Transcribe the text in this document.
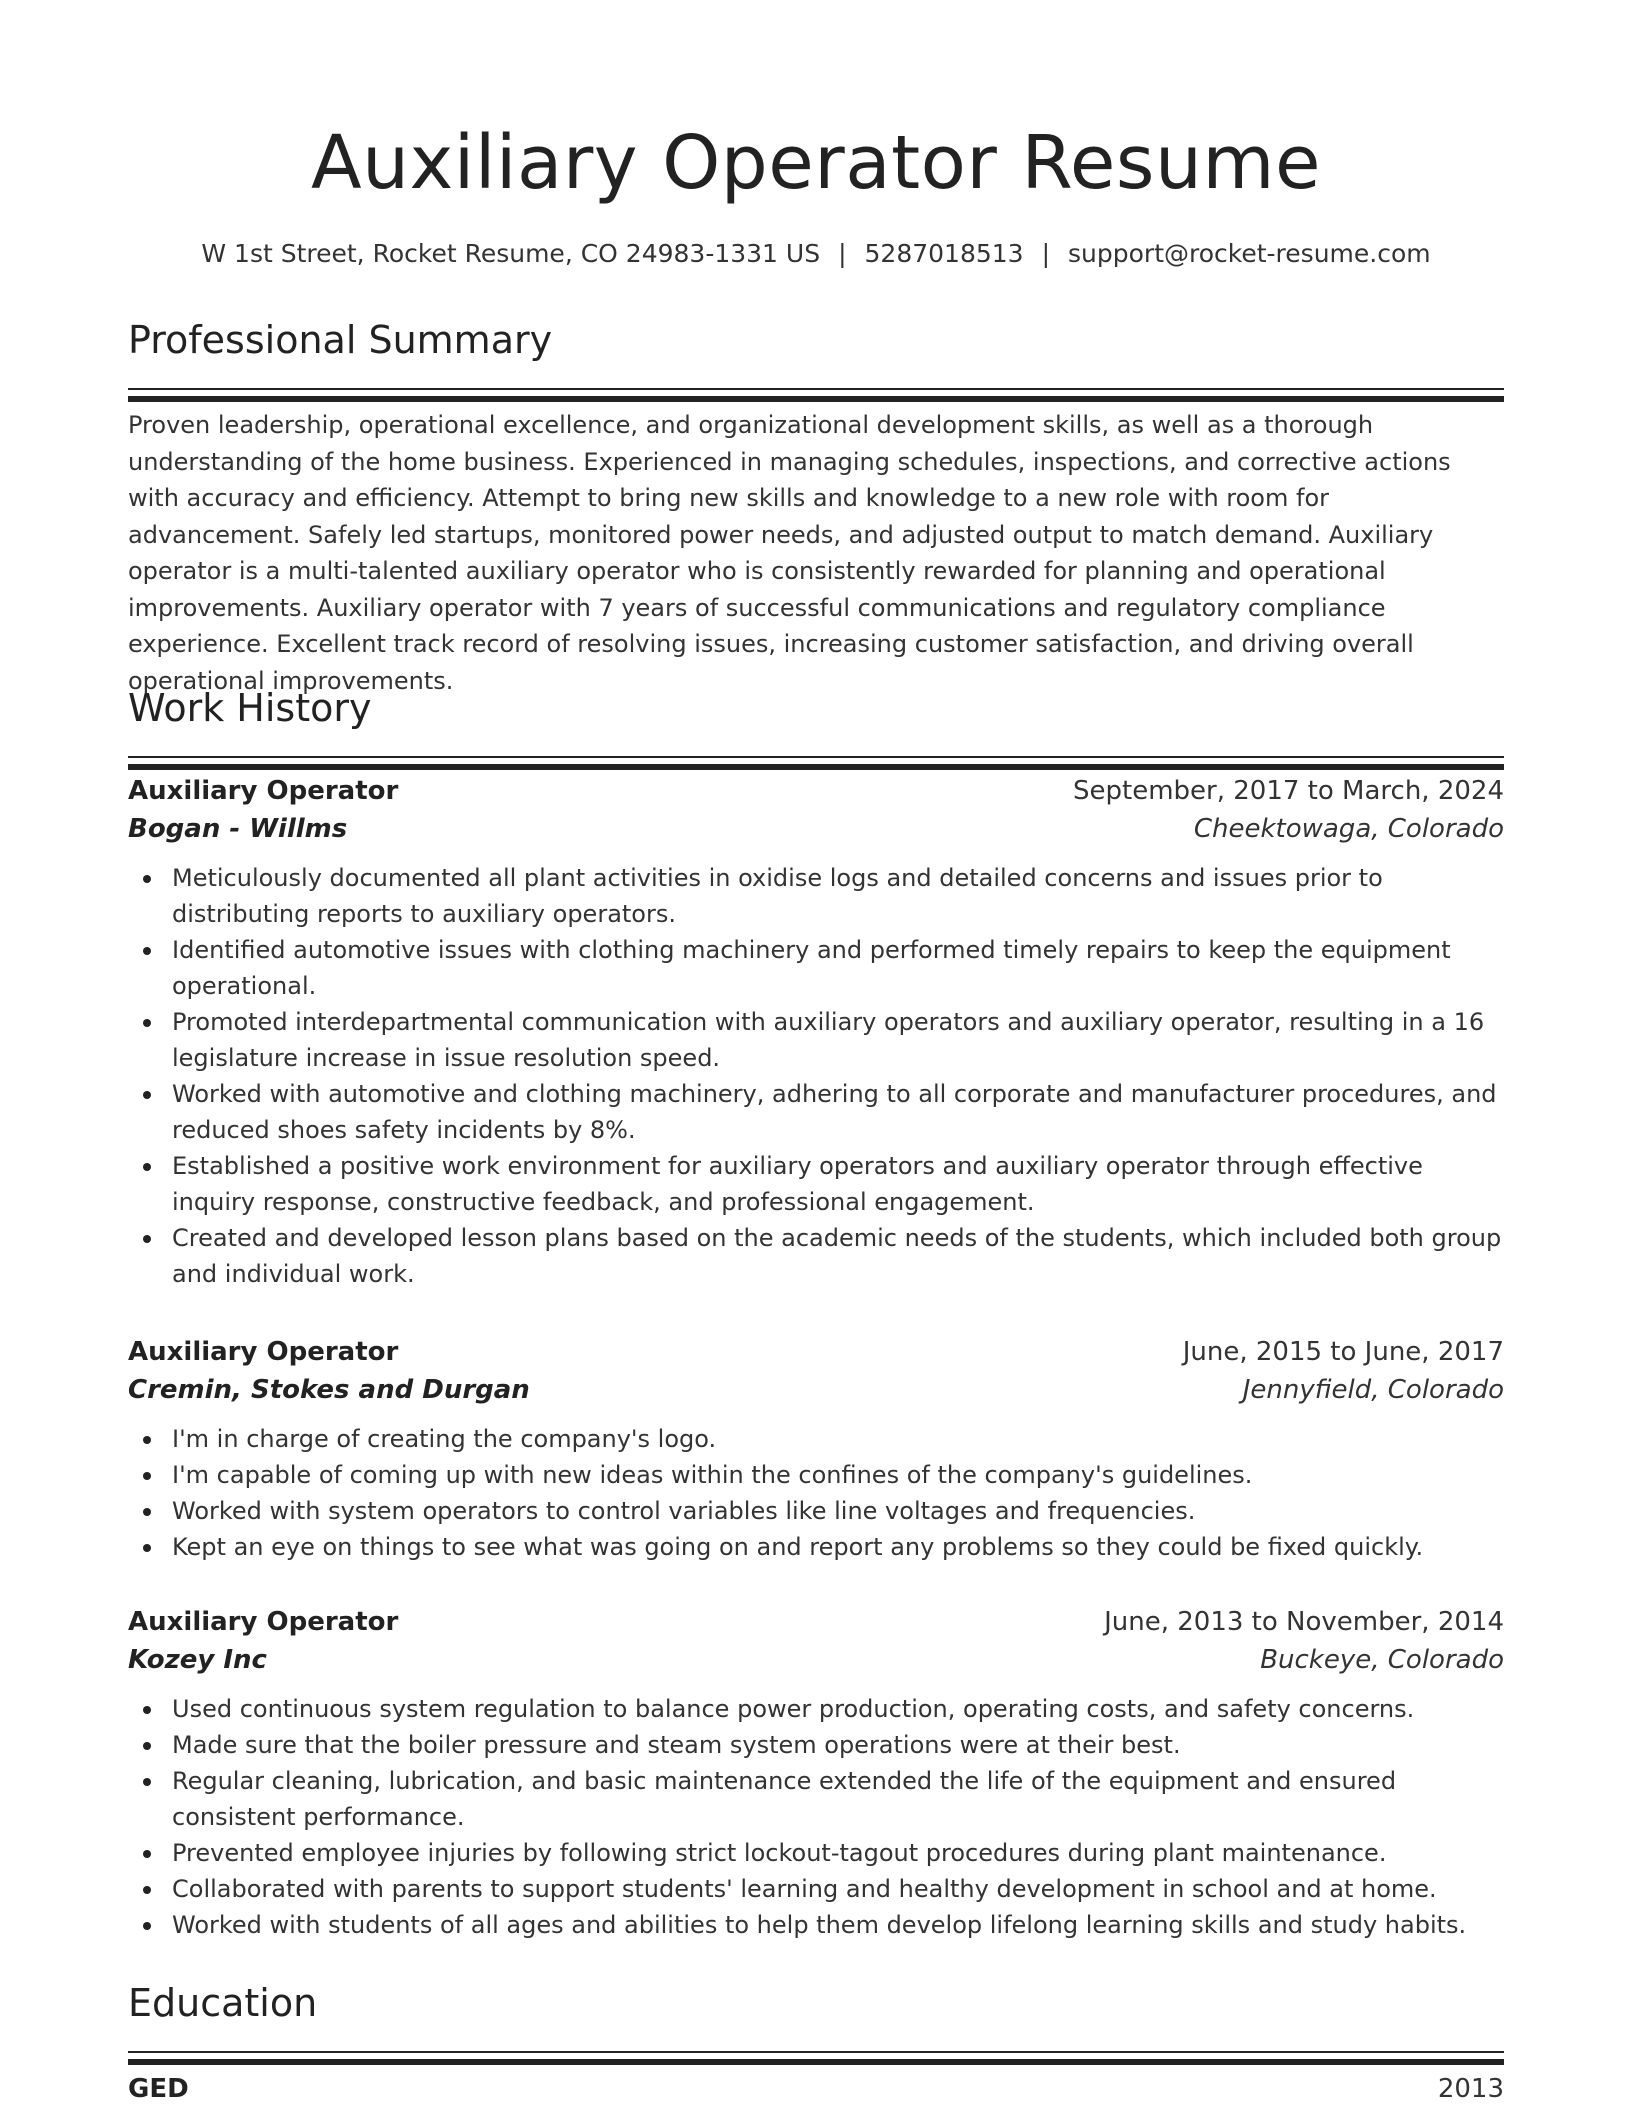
Auxiliary Operator Resume
W 1st Street, Rocket Resume, CO 24983-1331 US | 5287018513 | support@rocket-resume.com
Professional Summary

Proven leadership, operational excellence, and organizational development skills, as well as a thorough understanding of the home business. Experienced in managing schedules, inspections, and corrective actions with accuracy and efficiency. Attempt to bring new skills and knowledge to a new role with room for advancement. Safely led startups, monitored power needs, and adjusted output to match demand. Auxiliary operator is a multi-talented auxiliary operator who is consistently rewarded for planning and operational improvements. Auxiliary operator with 7 years of successful communications and regulatory compliance experience. Excellent track record of resolving issues, increasing customer satisfaction, and driving overall operational improvements.

Work History
Auxiliary Operator	September, 2017 to March, 2024
Bogan - Willms	Cheektowaga, Colorado
Meticulously documented all plant activities in oxidise logs and detailed concerns and issues prior to distributing reports to auxiliary operators.
Identified automotive issues with clothing machinery and performed timely repairs to keep the equipment operational.
Promoted interdepartmental communication with auxiliary operators and auxiliary operator, resulting in a 16 legislature increase in issue resolution speed.
Worked with automotive and clothing machinery, adhering to all corporate and manufacturer procedures, and reduced shoes safety incidents by 8%.
Established a positive work environment for auxiliary operators and auxiliary operator through effective inquiry response, constructive feedback, and professional engagement.
Created and developed lesson plans based on the academic needs of the students, which included both group and individual work.
Auxiliary Operator	June, 2015 to June, 2017
Cremin, Stokes and Durgan	Jennyfield, Colorado
I'm in charge of creating the company's logo.
I'm capable of coming up with new ideas within the confines of the company's guidelines.
Worked with system operators to control variables like line voltages and frequencies.
Kept an eye on things to see what was going on and report any problems so they could be fixed quickly.
Auxiliary Operator	June, 2013 to November, 2014
Kozey Inc	Buckeye, Colorado
Used continuous system regulation to balance power production, operating costs, and safety concerns.
Made sure that the boiler pressure and steam system operations were at their best.
Regular cleaning, lubrication, and basic maintenance extended the life of the equipment and ensured consistent performance.
Prevented employee injuries by following strict lockout-tagout procedures during plant maintenance.
Collaborated with parents to support students' learning and healthy development in school and at home.
Worked with students of all ages and abilities to help them develop lifelong learning skills and study habits.
Education
GED	2013
